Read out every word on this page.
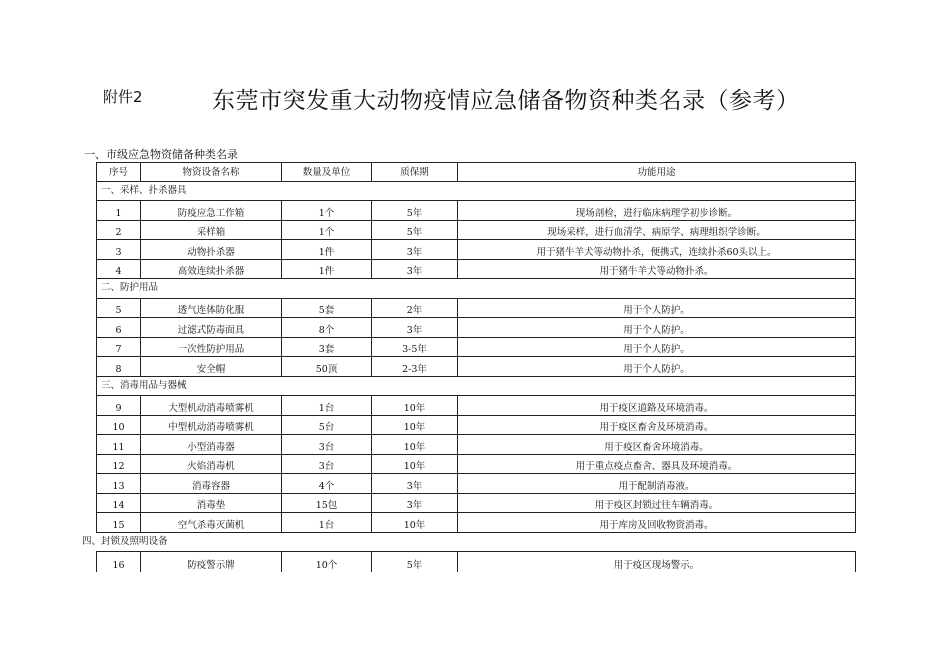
附件2	东莞市突发重大动物疫情应急储备物资种类名录（参考）
一、市级应急物资储备种类名录
序号	物资设备名称	数量及单位	质保期	功能用途
一、采样、扑杀器具
1	防疫应急工作箱	1个	5年	现场剖检，进行临床病理学初步诊断。
2	采样箱	1个	5年	现场采样，进行血清学、病原学、病理组织学诊断。
3	动物扑杀器	1件	3年	用于猪牛羊犬等动物扑杀，便携式，连续扑杀60头以上。
4	高效连续扑杀器	1件	3年	用于猪牛羊犬等动物扑杀。
二、防护用品
5	透气连体防化服	5套	2年	用于个人防护。
6	过滤式防毒面具	8个	3年	用于个人防护。
7	一次性防护用品	3套	3-5年	用于个人防护。
8	安全帽	50顶	2-3年	用于个人防护。
三、消毒用品与器械
9	大型机动消毒喷雾机	1台	10年	用于疫区道路及环境消毒。
10	中型机动消毒喷雾机	5台	10年	用于疫区畜舍及环境消毒。
11	小型消毒器	3台	10年	用于疫区畜舍环境消毒。
12	火焰消毒机	3台	10年	用于重点疫点畜舍、器具及环境消毒。
13	消毒容器	4个	3年	用于配制消毒液。
14	消毒垫	15包	3年	用于疫区封锁过往车辆消毒。
15	空气杀毒灭菌机	1台	10年	用于库房及回收物资消毒。
四、封锁及照明设备
16	防疫警示牌	10个	5年	用于疫区现场警示。
